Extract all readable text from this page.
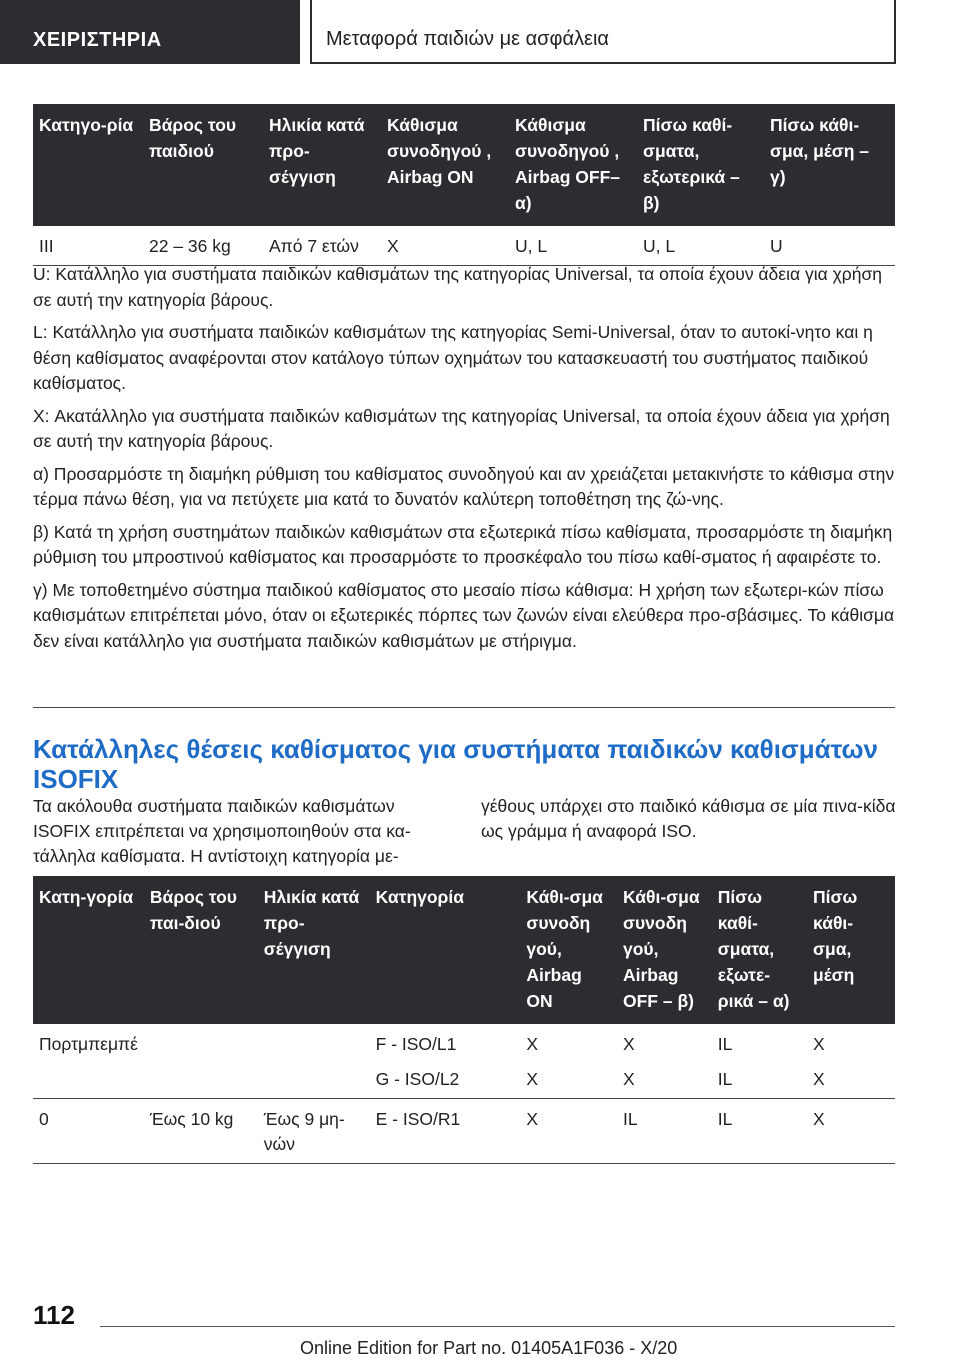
ΧΕΙΡΙΣΤΗΡΙΑ	Μεταφορά παιδιών με ασφάλεια
Κατηγο-ρία	Βάρος του παιδιού	Ηλικία κατά προ-σέγγιση	Κάθισμα συνοδηγού , Airbag ON	Κάθισμα συνοδηγού , Airbag OFF– α)	Πίσω καθί-σματα, εξωτερικά – β)	Πίσω κάθι-σμα, μέση – γ)
III	22 – 36 kg	Από 7 ετών	X	U, L	U, L	U

U: Κατάλληλο για συστήματα παιδικών καθισμάτων της κατηγορίας Universal, τα οποία έχουν άδεια για χρήση σε αυτή την κατηγορία βάρους.

L: Κατάλληλο για συστήματα παιδικών καθισμάτων της κατηγορίας Semi-Universal, όταν το αυτοκί-νητο και η θέση καθίσματος αναφέρονται στον κατάλογο τύπων οχημάτων του κατασκευαστή του συστήματος παιδικού καθίσματος.

X: Ακατάλληλο για συστήματα παιδικών καθισμάτων της κατηγορίας Universal, τα οποία έχουν άδεια για χρήση σε αυτή την κατηγορία βάρους.

α) Προσαρμόστε τη διαμήκη ρύθμιση του καθίσματος συνοδηγού και αν χρειάζεται μετακινήστε το κάθισμα στην τέρμα πάνω θέση, για να πετύχετε μια κατά το δυνατόν καλύτερη τοποθέτηση της ζώ-νης.

β) Κατά τη χρήση συστημάτων παιδικών καθισμάτων στα εξωτερικά πίσω καθίσματα, προσαρμόστε τη διαμήκη ρύθμιση του μπροστινού καθίσματος και προσαρμόστε το προσκέφαλο του πίσω καθί-σματος ή αφαιρέστε το.

γ) Με τοποθετημένο σύστημα παιδικού καθίσματος στο μεσαίο πίσω κάθισμα: Η χρήση των εξωτερι-κών πίσω καθισμάτων επιτρέπεται μόνο, όταν οι εξωτερικές πόρπες των ζωνών είναι ελεύθερα προ-σβάσιμες. Το κάθισμα δεν είναι κατάλληλο για συστήματα παιδικών καθισμάτων με στήριγμα.

Κατάλληλες θέσεις καθίσματος για συστήματα παιδικών καθισμάτων ISOFIX
Τα ακόλουθα συστήματα παιδικών καθισμάτων ISOFIX επιτρέπεται να χρησιμοποιηθούν στα κα-τάλληλα καθίσματα. Η αντίστοιχη κατηγορία με-
γέθους υπάρχει στο παιδικό κάθισμα σε μία πινα-κίδα ως γράμμα ή αναφορά ISO.
Κατη-γορία	Βάρος του παι-διού	Ηλικία κατά προ-σέγγιση	Κατηγορία	Κάθι-σμα συνοδη γού, Airbag ON	Κάθι-σμα συνοδη γού, Airbag OFF – β)	Πίσω καθί-σματα, εξωτε-ρικά – α)	Πίσω κάθι-σμα, μέση
Πορτμπεμπέ			F - ISO/L1	X	X	IL	X
			G - ISO/L2	X	X	IL	X
0	Έως 10 kg	Έως 9 μη-νών	E - ISO/R1	X	IL	IL	X
112
Online Edition for Part no. 01405A1F036 - X/20
